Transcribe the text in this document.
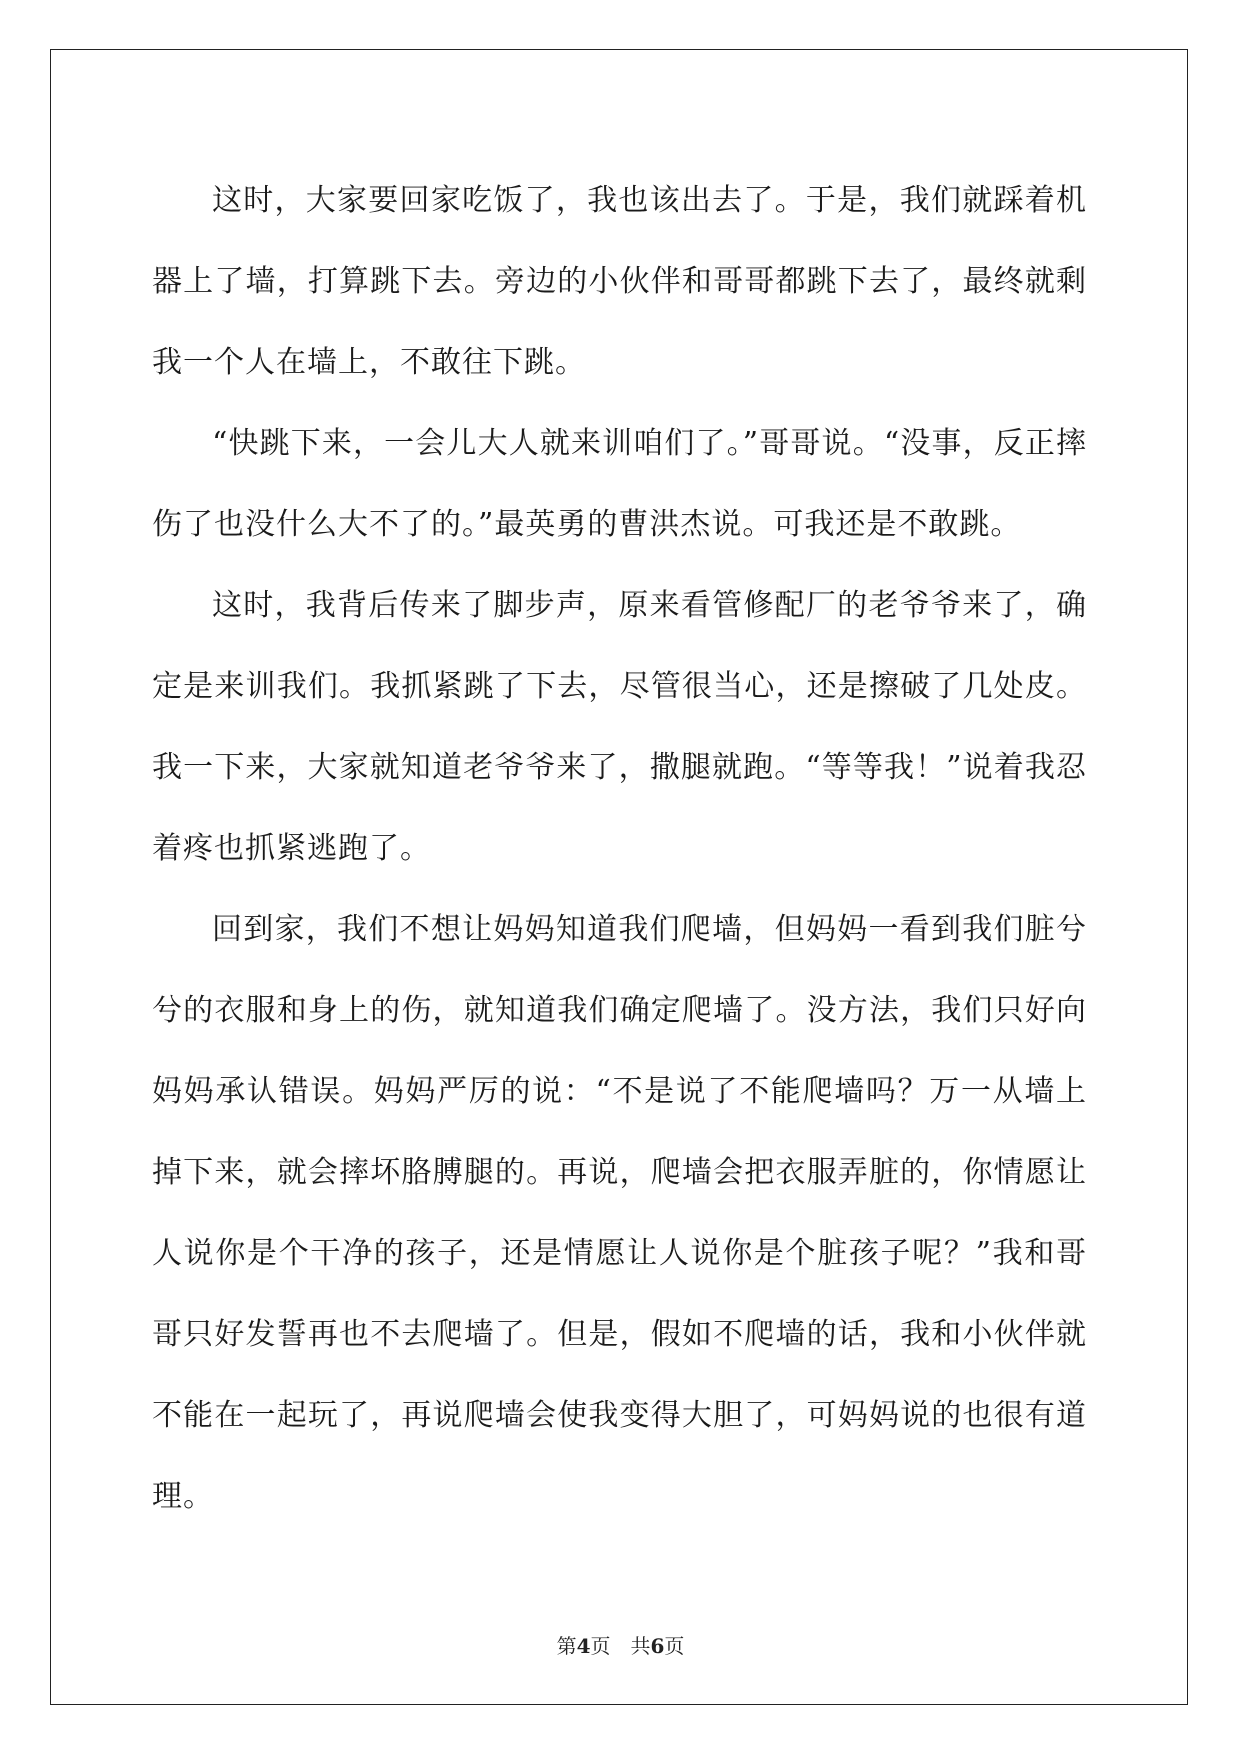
这时，大家要回家吃饭了，我也该出去了。于是，我们就踩着机器上了墙，打算跳下去。旁边的小伙伴和哥哥都跳下去了，最终就剩我一个人在墙上，不敢往下跳。

“快跳下来，一会儿大人就来训咱们了。”哥哥说。“没事，反正摔伤了也没什么大不了的。”最英勇的曹洪杰说。可我还是不敢跳。

这时，我背后传来了脚步声，原来看管修配厂的老爷爷来了，确定是来训我们。我抓紧跳了下去，尽管很当心，还是擦破了几处皮。我一下来，大家就知道老爷爷来了，撒腿就跑。“等等我！”说着我忍着疼也抓紧逃跑了。

回到家，我们不想让妈妈知道我们爬墙，但妈妈一看到我们脏兮兮的衣服和身上的伤，就知道我们确定爬墙了。没方法，我们只好向妈妈承认错误。妈妈严厉的说：“不是说了不能爬墙吗？万一从墙上掉下来，就会摔坏胳膊腿的。再说，爬墙会把衣服弄脏的，你情愿让人说你是个干净的孩子，还是情愿让人说你是个脏孩子呢？”我和哥哥只好发誓再也不去爬墙了。但是，假如不爬墙的话，我和小伙伴就不能在一起玩了，再说爬墙会使我变得大胆了，可妈妈说的也很有道理。

第4页 共6页
